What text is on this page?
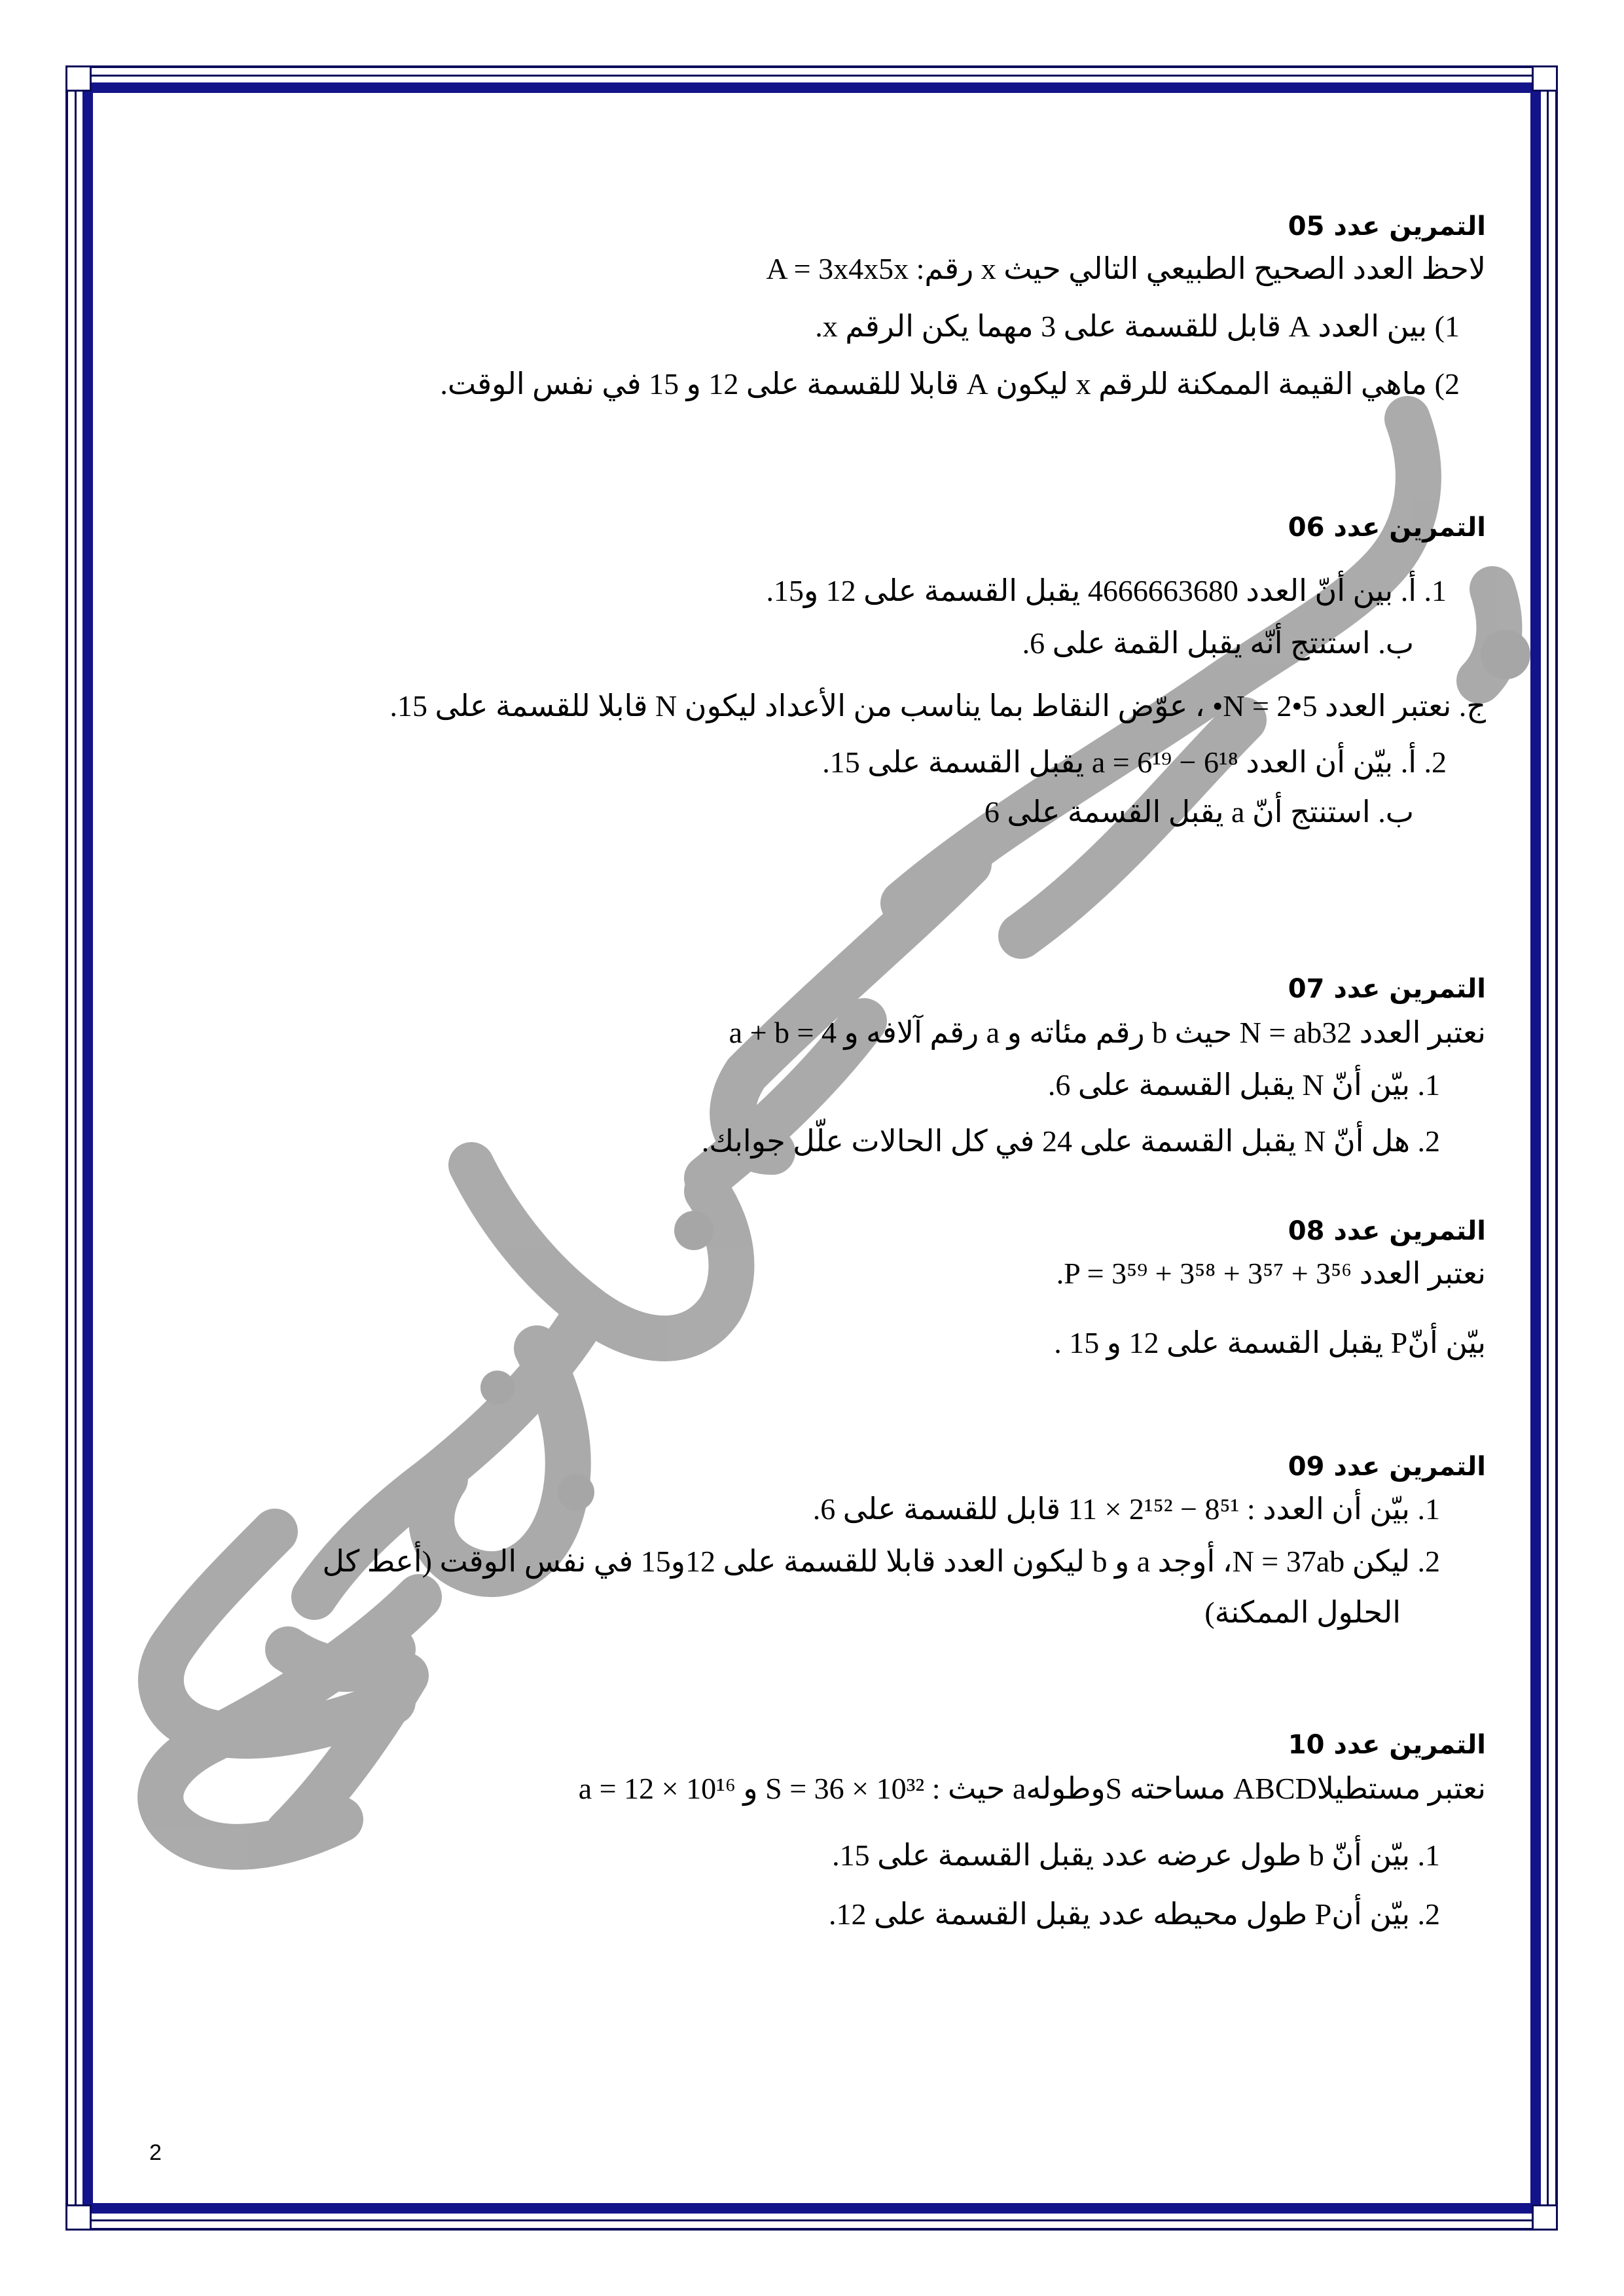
التمرين عدد 05

لاحظ العدد الصحيح الطبيعي التالي حيث x رقم: A = 3x4x5x

1) بين العدد A قابل للقسمة على 3 مهما يكن الرقم x.

2) ماهي القيمة الممكنة للرقم x ليكون A قابلا للقسمة على 12 و 15 في نفس الوقت.

التمرين عدد 06

1. أ. بين أنّ العدد 4666663680 يقبل القسمة على 12 و15.

ب. استنتج أنّه يقبل القمة على 6.

ج. نعتبر العدد N = 2•5• ، عوّض النقاط بما يناسب من الأعداد ليكون N قابلا للقسمة على 15.

2. أ. بيّن أن العدد a = 6¹⁹ − 6¹⁸ يقبل القسمة على 15.

ب. استنتج أنّ a يقبل القسمة على 6

التمرين عدد 07

نعتبر العدد N = ab32 حيث b رقم مئاته و a رقم آلافه و a + b = 4

1. بيّن أنّ N يقبل القسمة على 6.

2. هل أنّ N يقبل القسمة على 24 في كل الحالات علّل جوابك.

التمرين عدد 08

نعتبر العدد P = 3⁵⁹ + 3⁵⁸ + 3⁵⁷ + 3⁵⁶.

بيّن أنّP يقبل القسمة على 12 و 15 .

التمرين عدد 09

1. بيّن أن العدد : 8⁵¹ − 2¹⁵² × 11 قابل للقسمة على 6.

2. ليكن N = 37ab، أوجد a و b ليكون العدد قابلا للقسمة على 12و15 في نفس الوقت (أعط كل

الحلول الممكنة)

التمرين عدد 10

نعتبر مستطيلاABCD مساحته Sوطولهa حيث : S = 36 × 10³² و a = 12 × 10¹⁶

1. بيّن أنّ b طول عرضه عدد يقبل القسمة على 15.

2. بيّن أنP طول محيطه عدد يقبل القسمة على 12.

2
